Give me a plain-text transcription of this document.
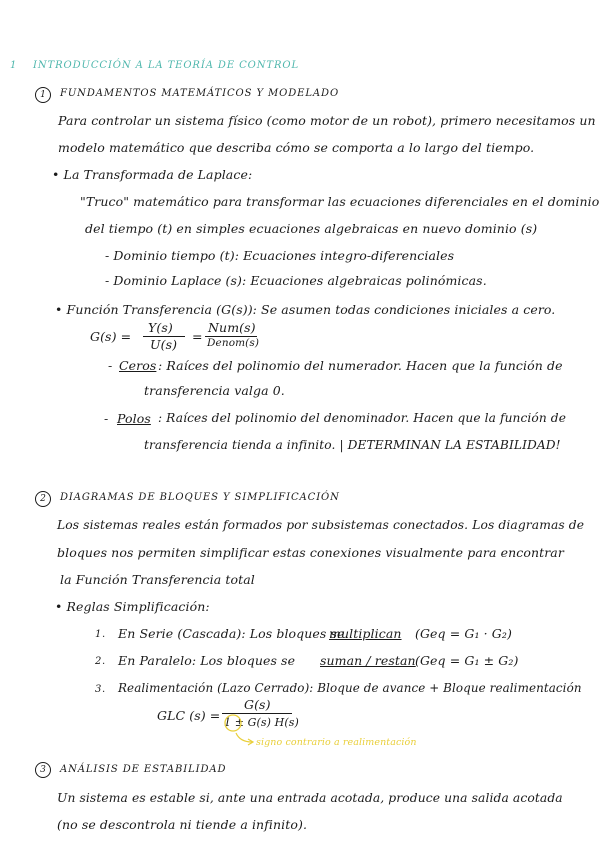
1 INTRODUCCIÓN A LA TEORÍA DE CONTROL
1	FUNDAMENTOS MATEMÁTICOS Y MODELADO
Para controlar un sistema físico (como motor de un robot), primero necesitamos un
modelo matemático que describa cómo se comporta a lo largo del tiempo.
• La Transformada de Laplace:
"Truco" matemático para transformar las ecuaciones diferenciales en el dominio
del tiempo (t) en simples ecuaciones algebraicas en nuevo dominio (s)
- Dominio tiempo (t): Ecuaciones integro-diferenciales
- Dominio Laplace (s): Ecuaciones algebraicas polinómicas.
• Función Transferencia (G(s)): Se asumen todas condiciones iniciales a cero.
G(s) =
Y(s)
U(s)
=
Num(s)
Denom(s)
- Ceros : Raíces del polinomio del numerador. Hacen que la función de
transferencia valga 0.
- Polos : Raíces del polinomio del denominador. Hacen que la función de
transferencia tienda a infinito. | DETERMINAN LA ESTABILIDAD!
2	DIAGRAMAS DE BLOQUES Y SIMPLIFICACIÓN
Los sistemas reales están formados por subsistemas conectados. Los diagramas de
bloques nos permiten simplificar estas conexiones visualmente para encontrar
la Función Transferencia total
• Reglas Simplificación:
1. En Serie (Cascada): Los bloques se
multiplican (Geq = G₁ · G₂)
2. En Paralelo: Los bloques se suman / restan (Geq = G₁ ± G₂)
3. Realimentación (Lazo Cerrado): Bloque de avance + Bloque realimentación
GLC (s) =
G(s)
1 ± G(s) H(s)
signo contrario a realimentación
3	ANÁLISIS DE ESTABILIDAD
Un sistema es estable si, ante una entrada acotada, produce una salida acotada
(no se descontrola ni tiende a infinito).
